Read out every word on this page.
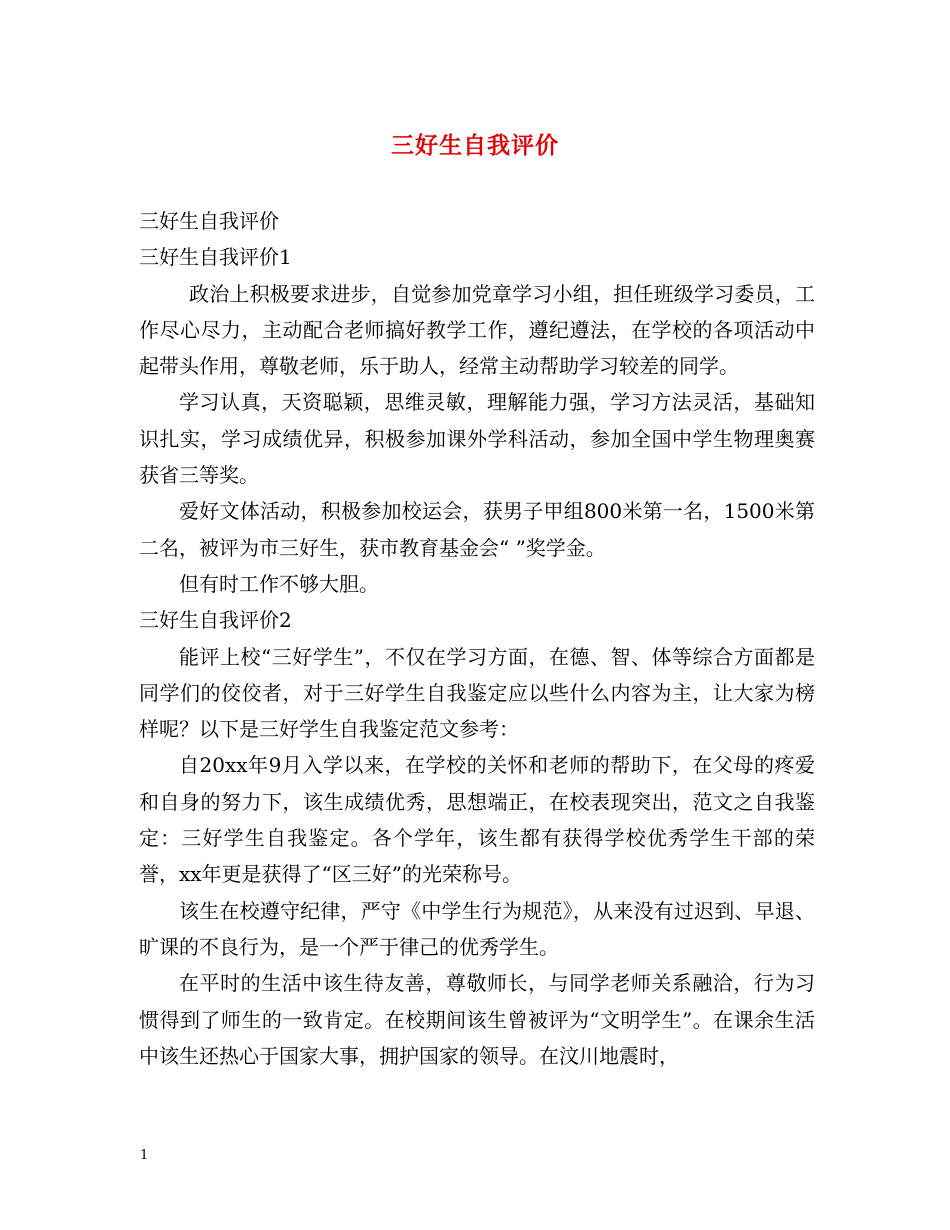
三好生自我评价

三好生自我评价

三好生自我评价1

政治上积极要求进步，自觉参加党章学习小组，担任班级学习委员，工作尽心尽力，主动配合老师搞好教学工作，遵纪遵法，在学校的各项活动中起带头作用，尊敬老师，乐于助人，经常主动帮助学习较差的同学。

学习认真，天资聪颖，思维灵敏，理解能力强，学习方法灵活，基础知识扎实，学习成绩优异，积极参加课外学科活动，参加全国中学生物理奥赛获省三等奖。

爱好文体活动，积极参加校运会，获男子甲组800米第一名，1500米第二名，被评为市三好生，获市教育基金会“ ”奖学金。

但有时工作不够大胆。

三好生自我评价2

能评上校“三好学生”，不仅在学习方面，在德、智、体等综合方面都是同学们的佼佼者，对于三好学生自我鉴定应以些什么内容为主，让大家为榜样呢？以下是三好学生自我鉴定范文参考：

自20xx年9月入学以来，在学校的关怀和老师的帮助下，在父母的疼爱和自身的努力下，该生成绩优秀，思想端正，在校表现突出，范文之自我鉴定：三好学生自我鉴定。各个学年，该生都有获得学校优秀学生干部的荣誉，xx年更是获得了“区三好”的光荣称号。

该生在校遵守纪律，严守《中学生行为规范》，从来没有过迟到、早退、旷课的不良行为，是一个严于律己的优秀学生。

在平时的生活中该生待友善，尊敬师长，与同学老师关系融洽，行为习惯得到了师生的一致肯定。在校期间该生曾被评为“文明学生”。在课余生活中该生还热心于国家大事，拥护国家的领导。在汶川地震时，

1
